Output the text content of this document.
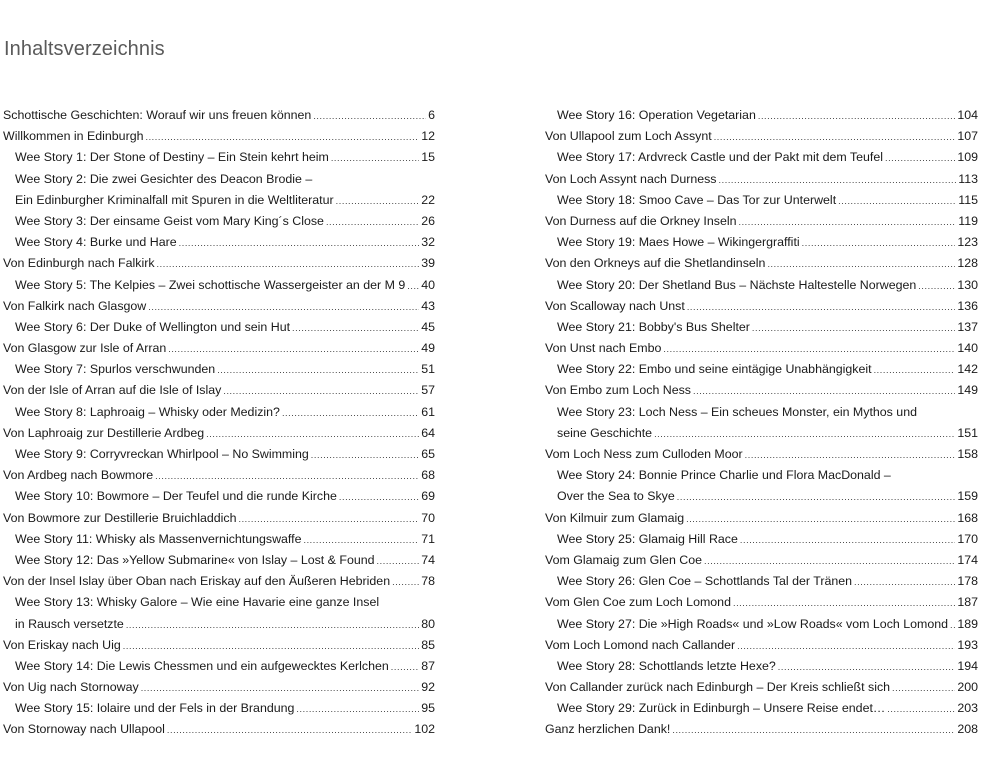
Inhaltsverzeichnis
Schottische Geschichten: Worauf wir uns freuen können .....	6
Willkommen in Edinburgh .....	12
Wee Story 1: Der Stone of Destiny – Ein Stein kehrt heim .....	15
Wee Story 2: Die zwei Gesichter des Deacon Brodie –
Ein Edinburgher Kriminalfall mit Spuren in die Weltliteratur .....	22
Wee Story 3: Der einsame Geist vom Mary King´s Close .....	26
Wee Story 4: Burke und Hare .....	32
Von Edinburgh nach Falkirk .....	39
Wee Story 5: The Kelpies – Zwei schottische Wassergeister an der M 9 ..... 40
Von Falkirk nach Glasgow .....	43
Wee Story 6: Der Duke of Wellington und sein Hut .....	45
Von Glasgow zur Isle of Arran .....	49
Wee Story 7: Spurlos verschwunden .....	51
Von der Isle of Arran auf die Isle of Islay .....	57
Wee Story 8: Laphroaig – Whisky oder Medizin? .....	61
Von Laphroaig zur Destillerie Ardbeg .....	64
Wee Story 9: Corryvreckan Whirlpool – No Swimming .....	65
Von Ardbeg nach Bowmore .....	68
Wee Story 10: Bowmore – Der Teufel und die runde Kirche .....	69
Von Bowmore zur Destillerie Bruichladdich .....	70
Wee Story 11: Whisky als Massenvernichtungswaffe .....	71
Wee Story 12: Das »Yellow Submarine« von Islay – Lost & Found .....	74
Von der Insel Islay über Oban nach Eriskay auf den Äußeren Hebriden .....	78
Wee Story 13: Whisky Galore – Wie eine Havarie eine ganze Insel
in Rausch versetzte .....	80
Von Eriskay nach Uig .....	85
Wee Story 14: Die Lewis Chessmen und ein aufgewecktes Kerlchen .....	87
Von Uig nach Stornoway .....	92
Wee Story 15: Iolaire und der Fels in der Brandung .....	95
Von Stornoway nach Ullapool .....	102
Wee Story 16: Operation Vegetarian .....	104
Von Ullapool zum Loch Assynt .....	107
Wee Story 17: Ardvreck Castle und der Pakt mit dem Teufel .....	109
Von Loch Assynt nach Durness .....	113
Wee Story 18: Smoo Cave – Das Tor zur Unterwelt .....	115
Von Durness auf die Orkney Inseln .....	119
Wee Story 19: Maes Howe – Wikingergraffiti .....	123
Von den Orkneys auf die Shetlandinseln .....	128
Wee Story 20: Der Shetland Bus – Nächste Haltestelle Norwegen .....	130
Von Scalloway nach Unst .....	136
Wee Story 21: Bobby's Bus Shelter .....	137
Von Unst nach Embo .....	140
Wee Story 22: Embo und seine eintägige Unabhängigkeit .....	142
Von Embo zum Loch Ness .....	149
Wee Story 23: Loch Ness – Ein scheues Monster, ein Mythos und
seine Geschichte .....	151
Vom Loch Ness zum Culloden Moor .....	158
Wee Story 24: Bonnie Prince Charlie und Flora MacDonald –
Over the Sea to Skye .....	159
Von Kilmuir zum Glamaig .....	168
Wee Story 25: Glamaig Hill Race .....	170
Vom Glamaig zum Glen Coe .....	174
Wee Story 26: Glen Coe – Schottlands Tal der Tränen .....	178
Vom Glen Coe zum Loch Lomond .....	187
Wee Story 27: Die »High Roads« und »Low Roads« vom Loch Lomond ..... 189
Vom Loch Lomond nach Callander .....	193
Wee Story 28: Schottlands letzte Hexe? .....	194
Von Callander zurück nach Edinburgh – Der Kreis schließt sich .....	200
Wee Story 29: Zurück in Edinburgh – Unsere Reise endet… .....	203
Ganz herzlichen Dank! .....	208
